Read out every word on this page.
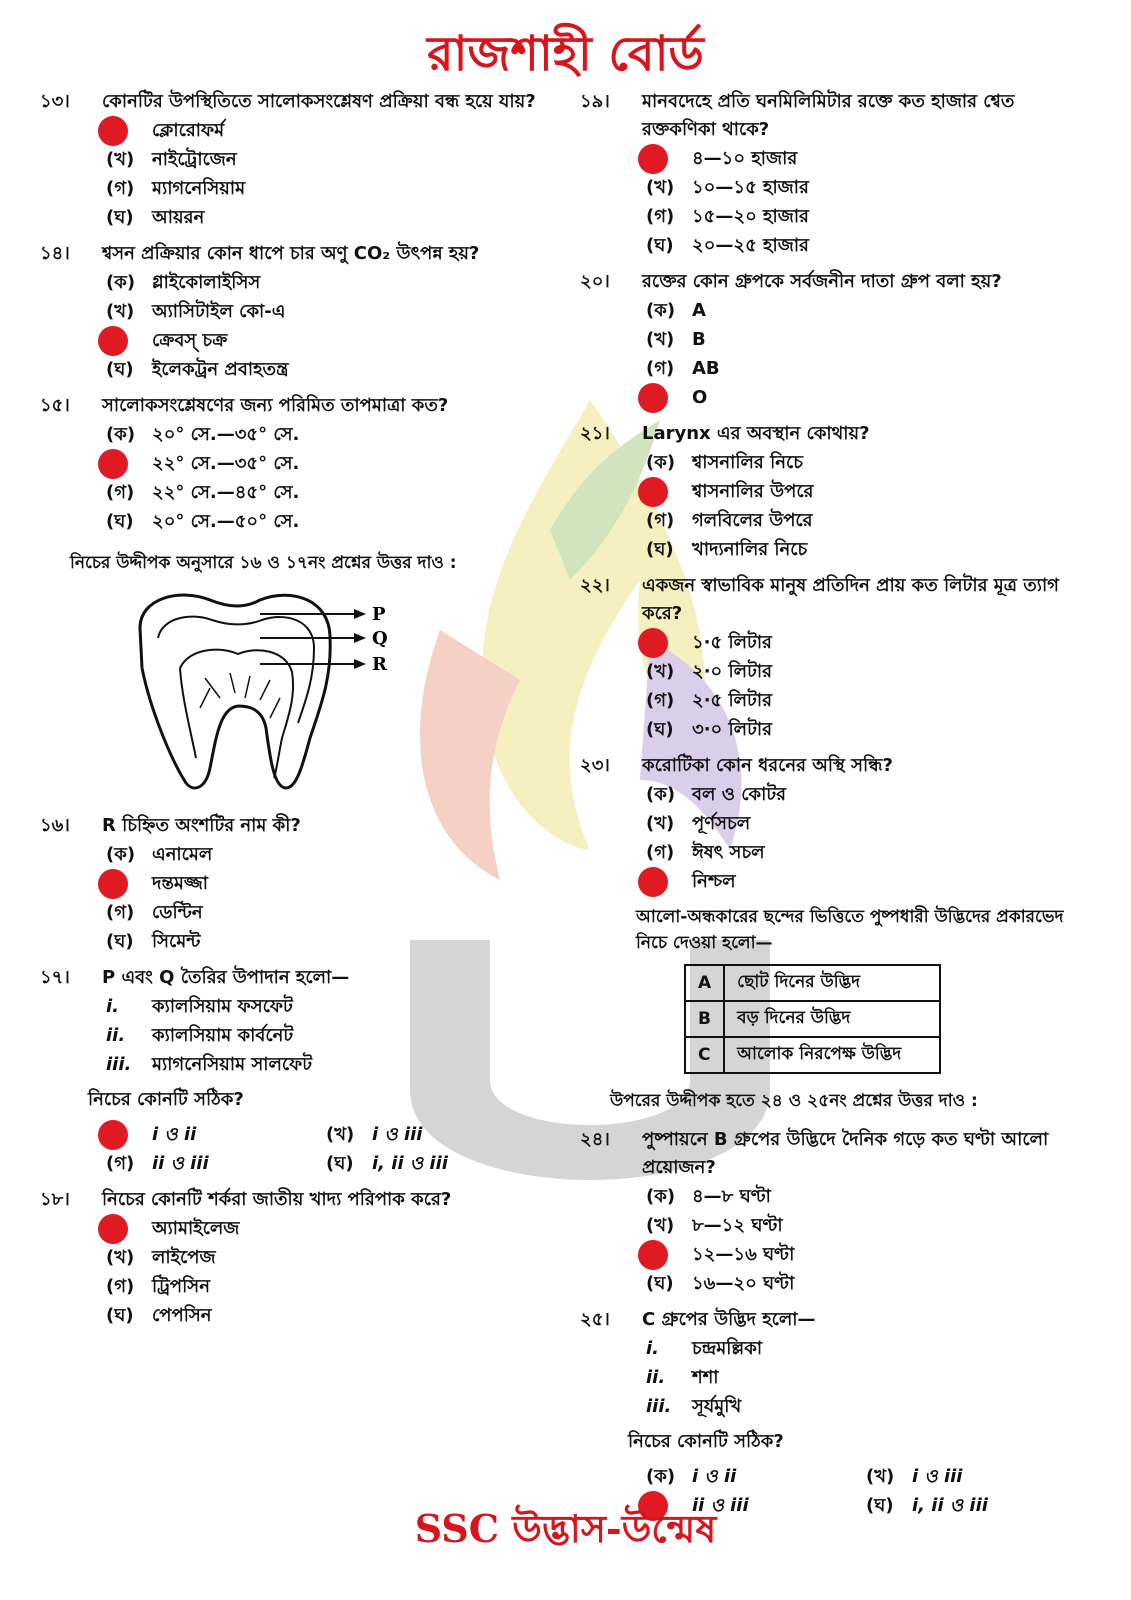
রাজশাহী বোর্ড
১৩।	কোনটির উপস্থিতিতে সালোকসংশ্লেষণ প্রক্রিয়া বন্ধ হয়ে যায়?
ক্লোরোফর্ম
(খ) নাইট্রোজেন
(গ) ম্যাগনেসিয়াম
(ঘ) আয়রন
১৪।	শ্বসন প্রক্রিয়ার কোন ধাপে চার অণু CO₂ উৎপন্ন হয়?
(ক) গ্লাইকোলাইসিস
(খ) অ্যাসিটাইল কো-এ
ক্রেবস্ চক্র
(ঘ) ইলেকট্রন প্রবাহতন্ত্র
১৫।	সালোকসংশ্লেষণের জন্য পরিমিত তাপমাত্রা কত?
(ক) ২০° সে.—৩৫° সে.
২২° সে.—৩৫° সে.
(গ) ২২° সে.—৪৫° সে.
(ঘ) ২০° সে.—৫০° সে.
নিচের উদ্দীপক অনুসারে ১৬ ও ১৭নং প্রশ্নের উত্তর দাও :
P
Q
R
১৬।	R চিহ্নিত অংশটির নাম কী?
(ক) এনামেল
দন্তমজ্জা
(গ) ডেন্টিন
(ঘ) সিমেন্ট
১৭।	P এবং Q তৈরির উপাদান হলো—
i. ক্যালসিয়াম ফসফেট
ii. ক্যালসিয়াম কার্বনেট
iii. ম্যাগনেসিয়াম সালফেট
নিচের কোনটি সঠিক?
i ও ii	(খ) i ও iii
(গ) ii ও iii	(ঘ) i, ii ও iii
১৮।	নিচের কোনটি শর্করা জাতীয় খাদ্য পরিপাক করে?
অ্যামাইলেজ
(খ) লাইপেজ
(গ) ট্রিপসিন
(ঘ) পেপসিন
১৯।	মানবদেহে প্রতি ঘনমিলিমিটার রক্তে কত হাজার শ্বেত রক্তকণিকা থাকে?
৪—১০ হাজার
(খ) ১০—১৫ হাজার
(গ) ১৫—২০ হাজার
(ঘ) ২০—২৫ হাজার
২০।	রক্তের কোন গ্রুপকে সর্বজনীন দাতা গ্রুপ বলা হয়?
(ক) A
(খ) B
(গ) AB
O
২১।	Larynx এর অবস্থান কোথায়?
(ক) শ্বাসনালির নিচে
শ্বাসনালির উপরে
(গ) গলবিলের উপরে
(ঘ) খাদ্যনালির নিচে
২২।	একজন স্বাভাবিক মানুষ প্রতিদিন প্রায় কত লিটার মূত্র ত্যাগ করে?
১·৫ লিটার
(খ) ২·০ লিটার
(গ) ২·৫ লিটার
(ঘ) ৩·০ লিটার
২৩।	করোটিকা কোন ধরনের অস্থি সন্ধি?
(ক) বল ও কোটর
(খ) পূর্ণসচল
(গ) ঈষৎ সচল
নিশ্চল
আলো-অন্ধকারের ছন্দের ভিত্তিতে পুষ্পধারী উদ্ভিদের প্রকারভেদ নিচে দেওয়া হলো—
A	ছোট দিনের উদ্ভিদ
B	বড় দিনের উদ্ভিদ
C	আলোক নিরপেক্ষ উদ্ভিদ
উপরের উদ্দীপক হতে ২৪ ও ২৫নং প্রশ্নের উত্তর দাও :
২৪।	পুষ্পায়নে B গ্রুপের উদ্ভিদে দৈনিক গড়ে কত ঘণ্টা আলো প্রয়োজন?
(ক) ৪—৮ ঘণ্টা
(খ) ৮—১২ ঘণ্টা
১২—১৬ ঘণ্টা
(ঘ) ১৬—২০ ঘণ্টা
২৫।	C গ্রুপের উদ্ভিদ হলো—
i. চন্দ্রমল্লিকা
ii. শশা
iii. সূর্যমুখি
নিচের কোনটি সঠিক?
(ক) i ও ii	(খ) i ও iii
ii ও iii	(ঘ) i, ii ও iii
SSC উদ্ভাস-উন্মেষ
